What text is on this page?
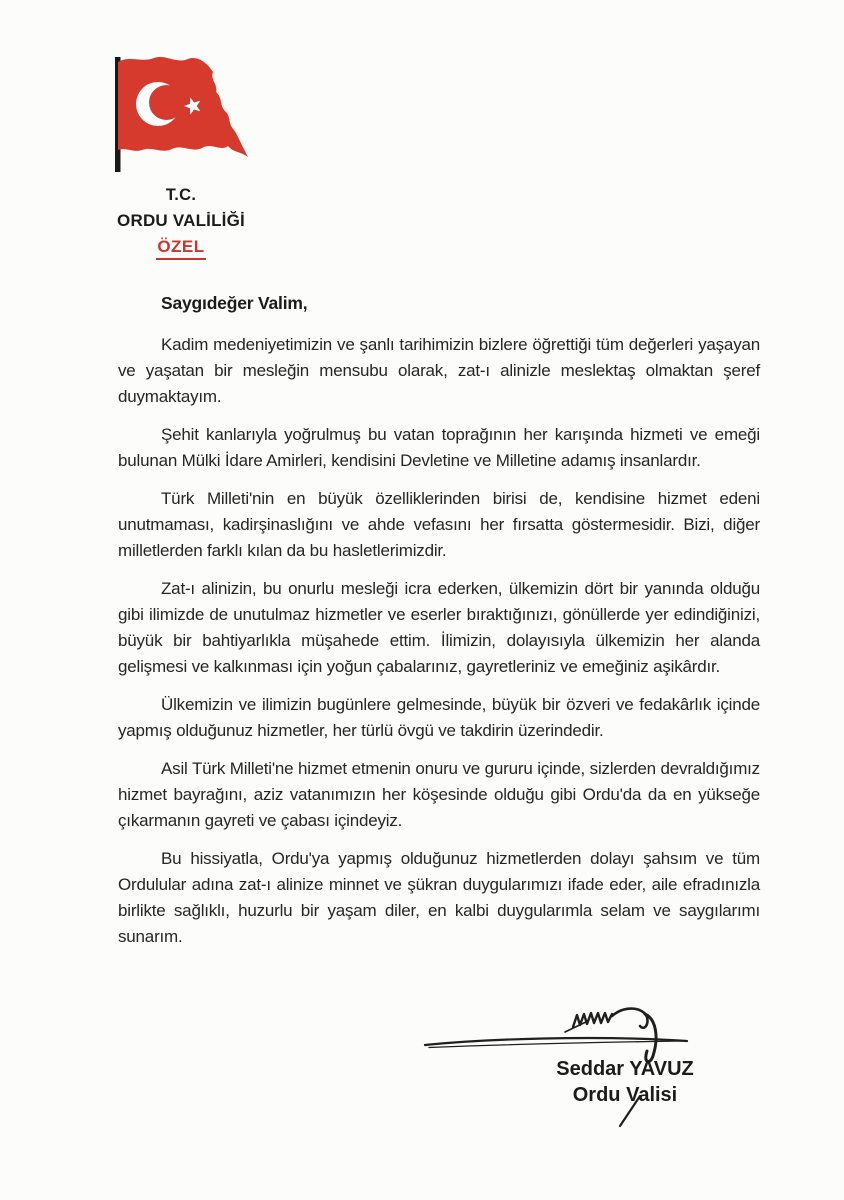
T.C.
ORDU VALİLİĞİ
ÖZEL

Saygıdeğer Valim,

Kadim medeniyetimizin ve şanlı tarihimizin bizlere öğrettiği tüm değerleri yaşayan ve yaşatan bir mesleğin mensubu olarak, zat-ı alinizle meslektaş olmaktan şeref duymaktayım.

Şehit kanlarıyla yoğrulmuş bu vatan toprağının her karışında hizmeti ve emeği bulunan Mülki İdare Amirleri, kendisini Devletine ve Milletine adamış insanlardır.

Türk Milleti'nin en büyük özelliklerinden birisi de, kendisine hizmet edeni unutmaması, kadirşinaslığını ve ahde vefasını her fırsatta göstermesidir. Bizi, diğer milletlerden farklı kılan da bu hasletlerimizdir.

Zat-ı alinizin, bu onurlu mesleği icra ederken, ülkemizin dört bir yanında olduğu gibi ilimizde de unutulmaz hizmetler ve eserler bıraktığınızı, gönüllerde yer edindiğinizi, büyük bir bahtiyarlıkla müşahede ettim. İlimizin, dolayısıyla ülkemizin her alanda gelişmesi ve kalkınması için yoğun çabalarınız, gayretleriniz ve emeğiniz aşikârdır.

Ülkemizin ve ilimizin bugünlere gelmesinde, büyük bir özveri ve fedakârlık içinde yapmış olduğunuz hizmetler, her türlü övgü ve takdirin üzerindedir.

Asil Türk Milleti'ne hizmet etmenin onuru ve gururu içinde, sizlerden devraldığımız hizmet bayrağını, aziz vatanımızın her köşesinde olduğu gibi Ordu'da da en yükseğe çıkarmanın gayreti ve çabası içindeyiz.

Bu hissiyatla, Ordu'ya yapmış olduğunuz hizmetlerden dolayı şahsım ve tüm Ordulular adına zat-ı alinize minnet ve şükran duygularımızı ifade eder, aile efradınızla birlikte sağlıklı, huzurlu bir yaşam diler, en kalbi duygularımla selam ve saygılarımı sunarım.

Seddar YAVUZ
Ordu Valisi
